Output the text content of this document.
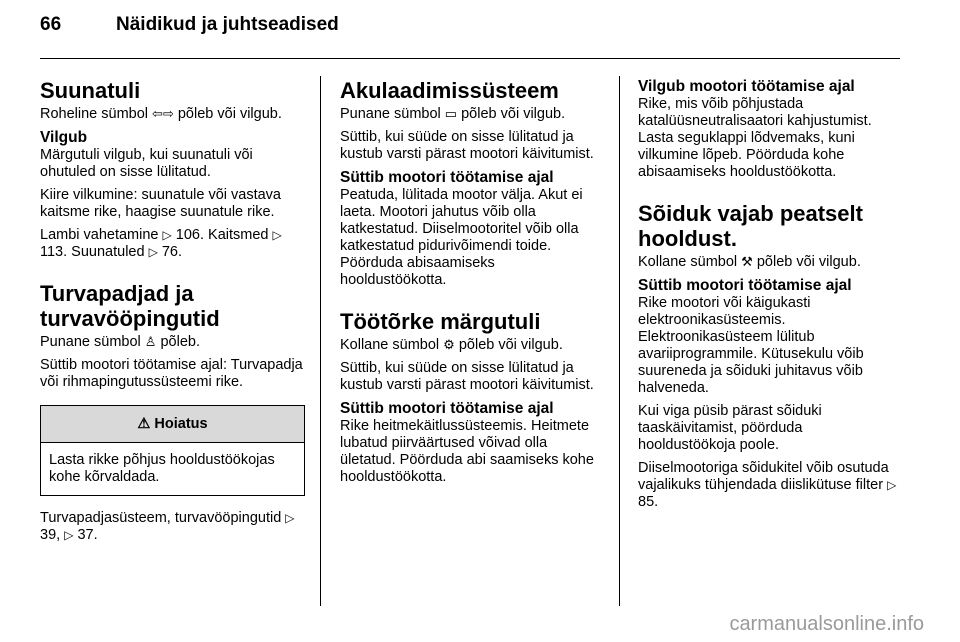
66	Näidikud ja juhtseadised
Suunatuli

Roheline sümbol ⇦⇨ põleb või vilgub.

Vilgub

Märgutuli vilgub, kui suunatuli või ohutuled on sisse lülitatud.

Kiire vilkumine: suunatule või vastava kaitsme rike, haagise suunatule rike.

Lambi vahetamine ▷ 106. Kaitsmed ▷ 113. Suunatuled ▷ 76.

Turvapadjad ja
turvavööpingutid

Punane sümbol ♙ põleb.

Süttib mootori töötamise ajal: Turvapadja või rihmapingutussüsteemi rike.

⚠
Hoiatus
Lasta rikke põhjus hooldustöökojas kohe kõrvaldada.

Turvapadjasüsteem, turvavööpingutid ▷ 39, ▷ 37.

Akulaadimissüsteem

Punane sümbol ▭ põleb või vilgub.

Süttib, kui süüde on sisse lülitatud ja kustub varsti pärast mootori käivitumist.

Süttib mootori töötamise ajal

Peatuda, lülitada mootor välja. Akut ei laeta. Mootori jahutus võib olla katkestatud. Diiselmootoritel võib olla katkestatud pidurivõimendi toide. Pöörduda abisaamiseks hooldustöökotta.

Töötõrke märgutuli

Kollane sümbol ⚙ põleb või vilgub.

Süttib, kui süüde on sisse lülitatud ja kustub varsti pärast mootori käivitumist.

Süttib mootori töötamise ajal

Rike heitmekäitlussüsteemis. Heitmete lubatud piirväärtused võivad olla ületatud. Pöörduda abi saamiseks kohe hooldustöökotta.

Vilgub mootori töötamise ajal

Rike, mis võib põhjustada katalüüsneutralisaatori kahjustumist. Lasta seguklappi lõdvemaks, kuni vilkumine lõpeb. Pöörduda kohe abisaamiseks hooldustöökotta.

Sõiduk vajab peatselt
hooldust.

Kollane sümbol ⚒ põleb või vilgub.

Süttib mootori töötamise ajal

Rike mootori või käigukasti elektroonikasüsteemis. Elektroonikasüsteem lülitub avariiprogrammile. Kütusekulu võib suureneda ja sõiduki juhitavus võib halveneda.

Kui viga püsib pärast sõiduki taaskäivitamist, pöörduda hooldustöökoja poole.

Diiselmootoriga sõidukitel võib osutuda vajalikuks tühjendada diislikütuse filter ▷ 85.

carmanualsonline.info
